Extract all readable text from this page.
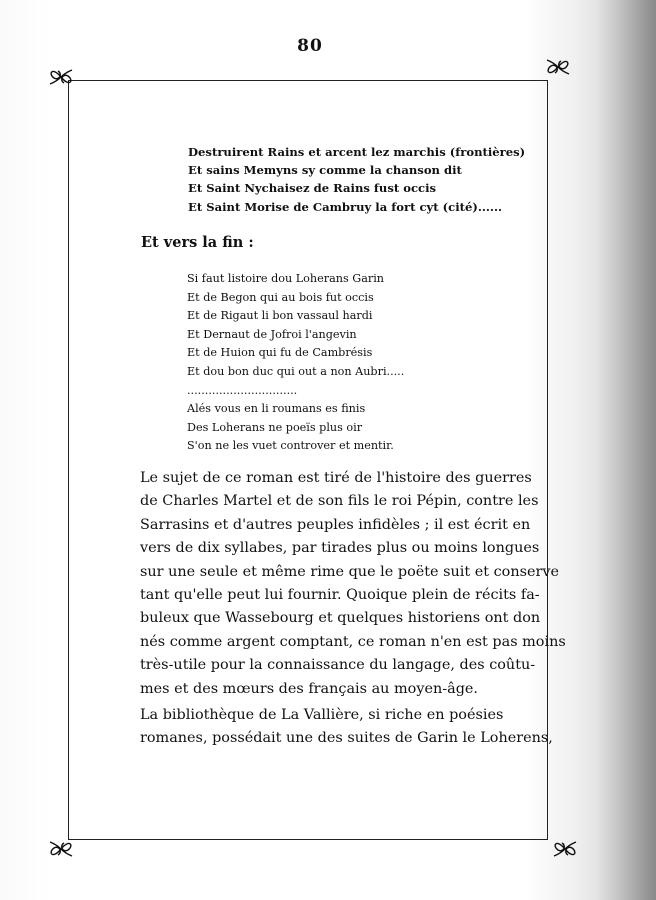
80
Destruirent Rains et arcent lez marchis (frontières)
Et sains Memyns sy comme la chanson dit
Et Saint Nychaisez de Rains fust occis
Et Saint Morise de Cambruy la fort cyt (cité)......

Et vers la fin :

Si faut listoire dou Loherans Garin
Et de Begon qui au bois fut occis
Et de Rigaut li bon vassaul hardi
Et Dernaut de Jofroi l'angevin
Et de Huion qui fu de Cambrésis
Et dou bon duc qui out a non Aubri.....
...............................
Alés vous en li roumans es finis
Des Loherans ne poeïs plus oir
S'on ne les vuet controver et mentir.

Le sujet de ce roman est tiré de l'histoire des guerres
de Charles Martel et de son fils le roi Pépin, contre les
Sarrasins et d'autres peuples infidèles ; il est écrit en
vers de dix syllabes, par tirades plus ou moins longues
sur une seule et même rime que le poëte suit et conserve
tant qu'elle peut lui fournir. Quoique plein de récits fa-
buleux que Wassebourg et quelques historiens ont don
nés comme argent comptant, ce roman n'en est pas moins
très-utile pour la connaissance du langage, des coûtu-
mes et des mœurs des français au moyen-âge.

La bibliothèque de La Vallière, si riche en poésies
romanes, possédait une des suites de Garin le Loherens,
